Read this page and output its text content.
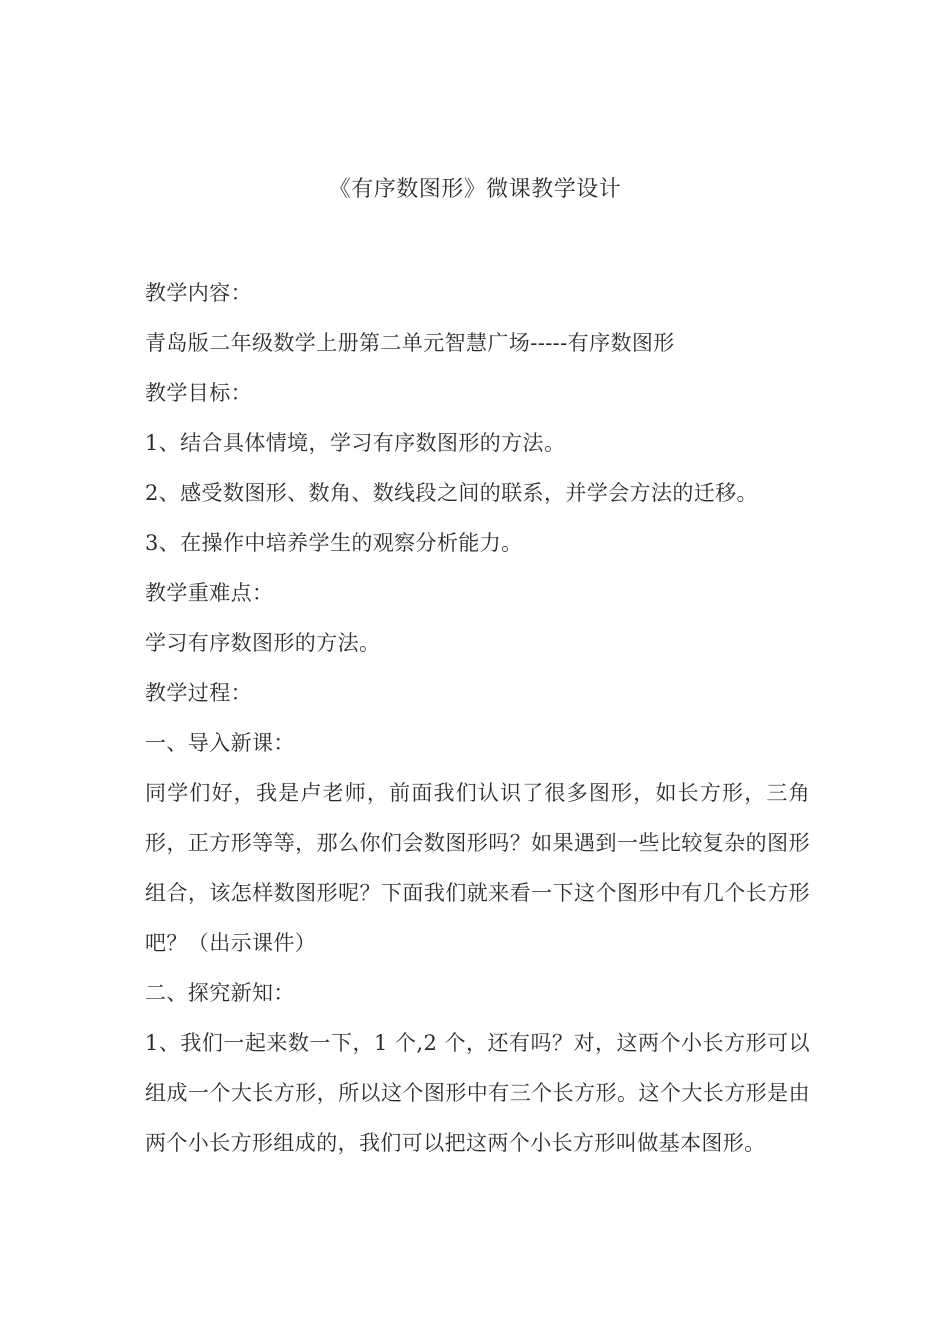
《有序数图形》微课教学设计
教学内容：
青岛版二年级数学上册第二单元智慧广场-----有序数图形
教学目标：
1、结合具体情境，学习有序数图形的方法。
2、感受数图形、数角、数线段之间的联系，并学会方法的迁移。
3、在操作中培养学生的观察分析能力。
教学重难点：
学习有序数图形的方法。
教学过程：
一、导入新课：
同学们好，我是卢老师，前面我们认识了很多图形，如长方形，三角形，正方形等等，那么你们会数图形吗？如果遇到一些比较复杂的图形组合，该怎样数图形呢？下面我们就来看一下这个图形中有几个长方形吧？（出示课件）
二、探究新知：
1、我们一起来数一下，1 个,2 个，还有吗？对，这两个小长方形可以组成一个大长方形，所以这个图形中有三个长方形。这个大长方形是由两个小长方形组成的，我们可以把这两个小长方形叫做基本图形。
